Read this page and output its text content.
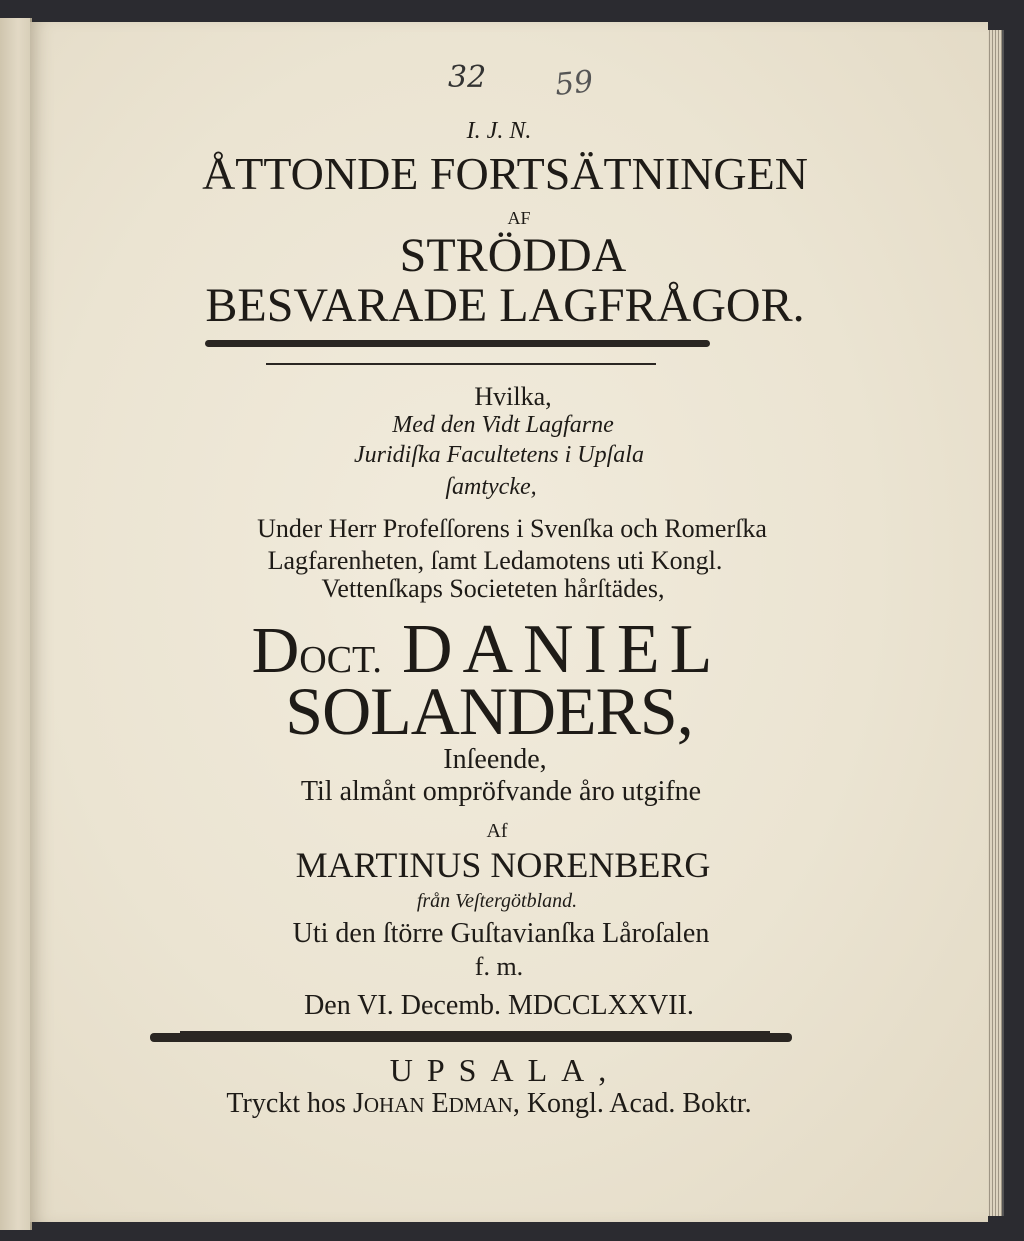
32 59
I. J. N.
ÅTTONDE FORTSÄTNINGEN
AF
STRÖDDA
BESVARADE LAGFRÅGOR.
Hvilka,
Med den Vidt Lagfarne
Juridiſka Facultetens i Upſala
ſamtycke,
Under Herr Profeſſorens i Svenſka och Romerſka
Lagfarenheten, ſamt Ledamotens uti Kongl.
Vettenſkaps Societeten hårſtädes,
DOCT. DANIEL
SOLANDERS,
Inſeende,
Til almånt ompröfvande åro utgifne
Af
MARTINUS NORENBERG
från Veſtergötbland.
Uti den ſtörre Guſtavianſka Låroſalen
f. m.
Den VI. Decemb. MDCCLXXVII.
UPSALA,
Tryckt hos JOHAN EDMAN, Kongl. Acad. Boktr.
